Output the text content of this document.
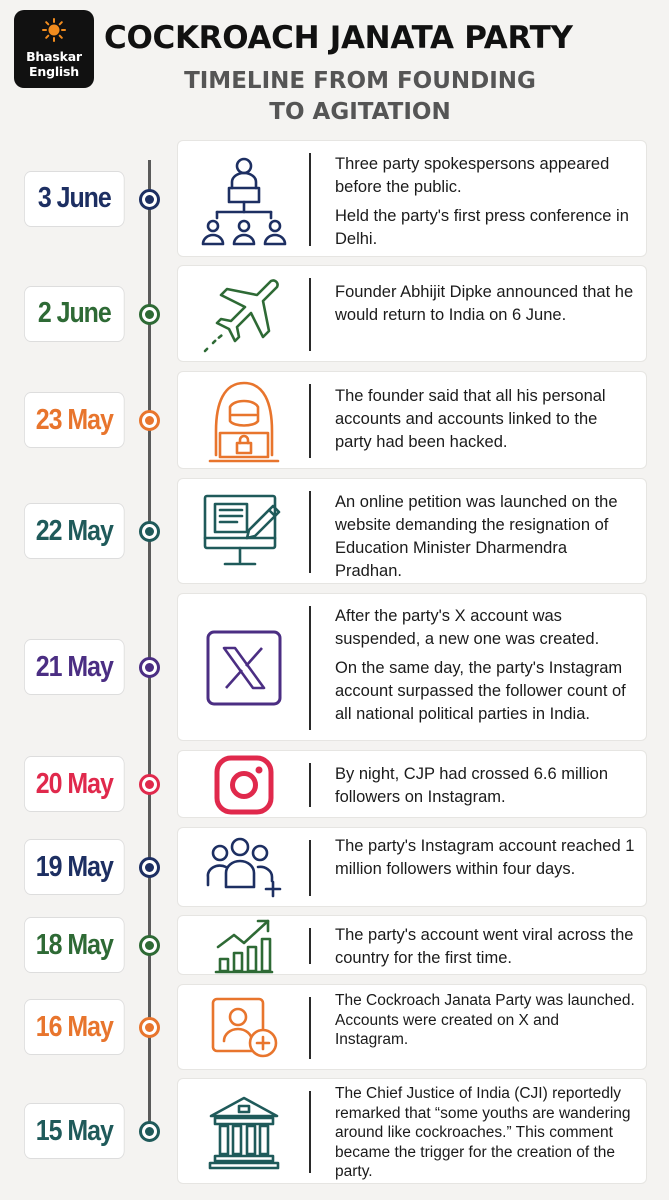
Bhaskar
English
COCKROACH JANATA PARTY
TIMELINE FROM FOUNDING
TO AGITATION
3 June

Three party spokespersons appeared before the public.

Held the party's first press conference in Delhi.

2 June

Founder Abhijit Dipke announced that he would return to India on 6 June.

23 May

The founder said that all his personal accounts and accounts linked to the party had been hacked.

22 May

An online petition was launched on the website demanding the resignation of Education Minister Dharmendra Pradhan.

21 May

After the party's X account was suspended, a new one was created.

On the same day, the party's Instagram account surpassed the follower count of all national political parties in India.

20 May	By night, CJP had crossed 6.6 million followers on Instagram.

19 May

The party's Instagram account reached 1 million followers within four days.

18 May	The party's account went viral across the country for the first time.

16 May

The Cockroach Janata Party was launched.

Accounts were created on X and Instagram.

15 May

The Chief Justice of India (CJI) reportedly remarked that “some youths are wandering around like cockroaches.” This comment became the trigger for the creation of the party.
